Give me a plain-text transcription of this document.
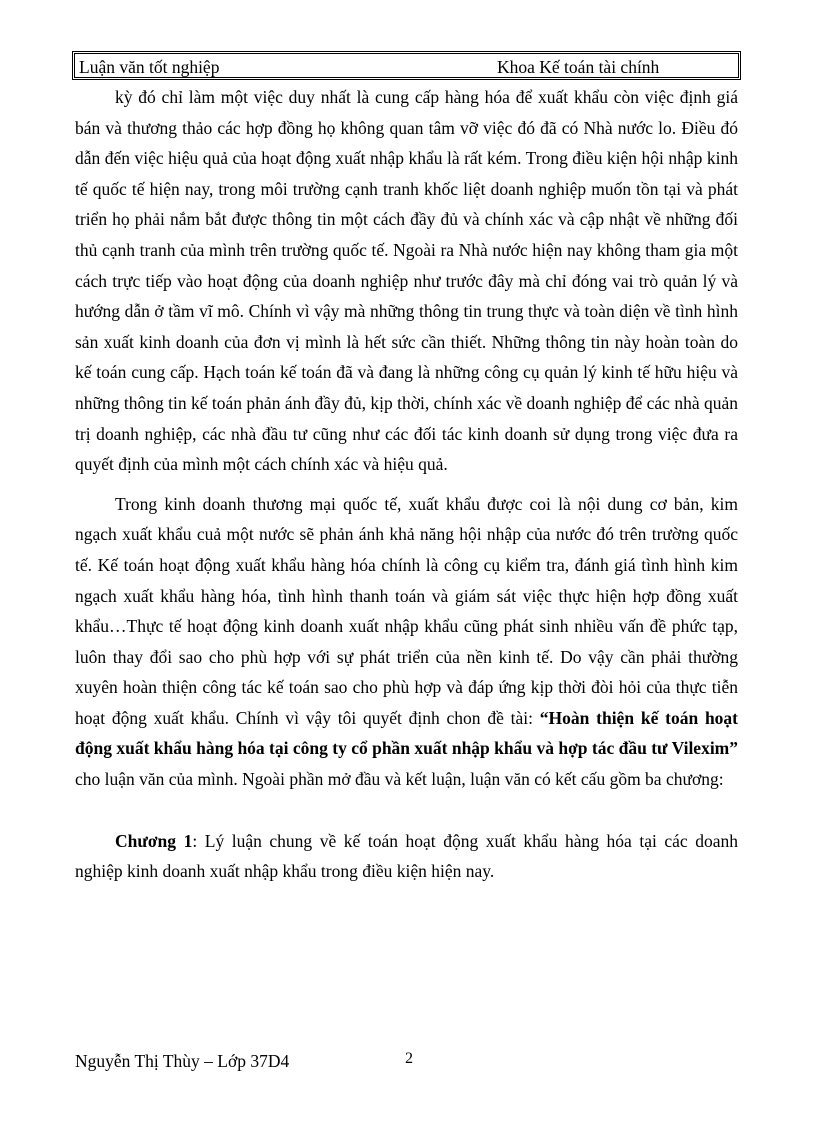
Luận văn tốt nghiệp	Khoa Kế toán tài chính

kỳ đó chỉ làm một việc duy nhất là cung cấp hàng hóa để xuất khẩu còn việc định giá bán và thương thảo các hợp đồng họ không quan tâm vỡ việc đó đã có Nhà nước lo. Điều đó dẫn đến việc hiệu quả của hoạt động xuất nhập khẩu là rất kém. Trong điều kiện hội nhập kinh tế quốc tế hiện nay, trong môi trường cạnh tranh khốc liệt doanh nghiệp muốn tồn tại và phát triển họ phải nắm bắt được thông tin một cách đầy đủ và chính xác và cập nhật về những đối thủ cạnh tranh của mình trên trường quốc tế. Ngoài ra Nhà nước hiện nay không tham gia một cách trực tiếp vào hoạt động của doanh nghiệp như trước đây mà chỉ đóng vai trò quản lý và hướng dẫn ở tầm vĩ mô. Chính vì vậy mà những thông tin trung thực và toàn diện về tình hình sản xuất kinh doanh của đơn vị mình là hết sức cần thiết. Những thông tin này hoàn toàn do kế toán cung cấp. Hạch toán kế toán đã và đang là những công cụ quản lý kinh tế hữu hiệu và những thông tin kế toán phản ánh đầy đủ, kịp thời, chính xác về doanh nghiệp để các nhà quản trị doanh nghiệp, các nhà đầu tư cũng như các đối tác kinh doanh sử dụng trong việc đưa ra quyết định của mình một cách chính xác và hiệu quả.

Trong kinh doanh thương mại quốc tế, xuất khẩu được coi là nội dung cơ bản, kim ngạch xuất khẩu cuả một nước sẽ phản ánh khả năng hội nhập của nước đó trên trường quốc tế. Kế toán hoạt động xuất khẩu hàng hóa chính là công cụ kiểm tra, đánh giá tình hình kim ngạch xuất khẩu hàng hóa, tình hình thanh toán và giám sát việc thực hiện hợp đồng xuất khẩu…Thực tế hoạt động kinh doanh xuất nhập khẩu cũng phát sinh nhiều vấn đề phức tạp, luôn thay đổi sao cho phù hợp với sự phát triển của nền kinh tế. Do vậy cần phải thường xuyên hoàn thiện công tác kế toán sao cho phù hợp và đáp ứng kịp thời đòi hỏi của thực tiễn hoạt động xuất khẩu. Chính vì vậy tôi quyết định chon đề tài: “Hoàn thiện kế toán hoạt động xuất khẩu hàng hóa tại công ty cổ phần xuất nhập khẩu và hợp tác đầu tư Vilexim” cho luận văn của mình. Ngoài phần mở đầu và kết luận, luận văn có kết cấu gồm ba chương:

Chương 1: Lý luận chung về kế toán hoạt động xuất khẩu hàng hóa tại các doanh nghiệp kinh doanh xuất nhập khẩu trong điều kiện hiện nay.

Nguyễn Thị Thùy – Lớp 37D4	2
